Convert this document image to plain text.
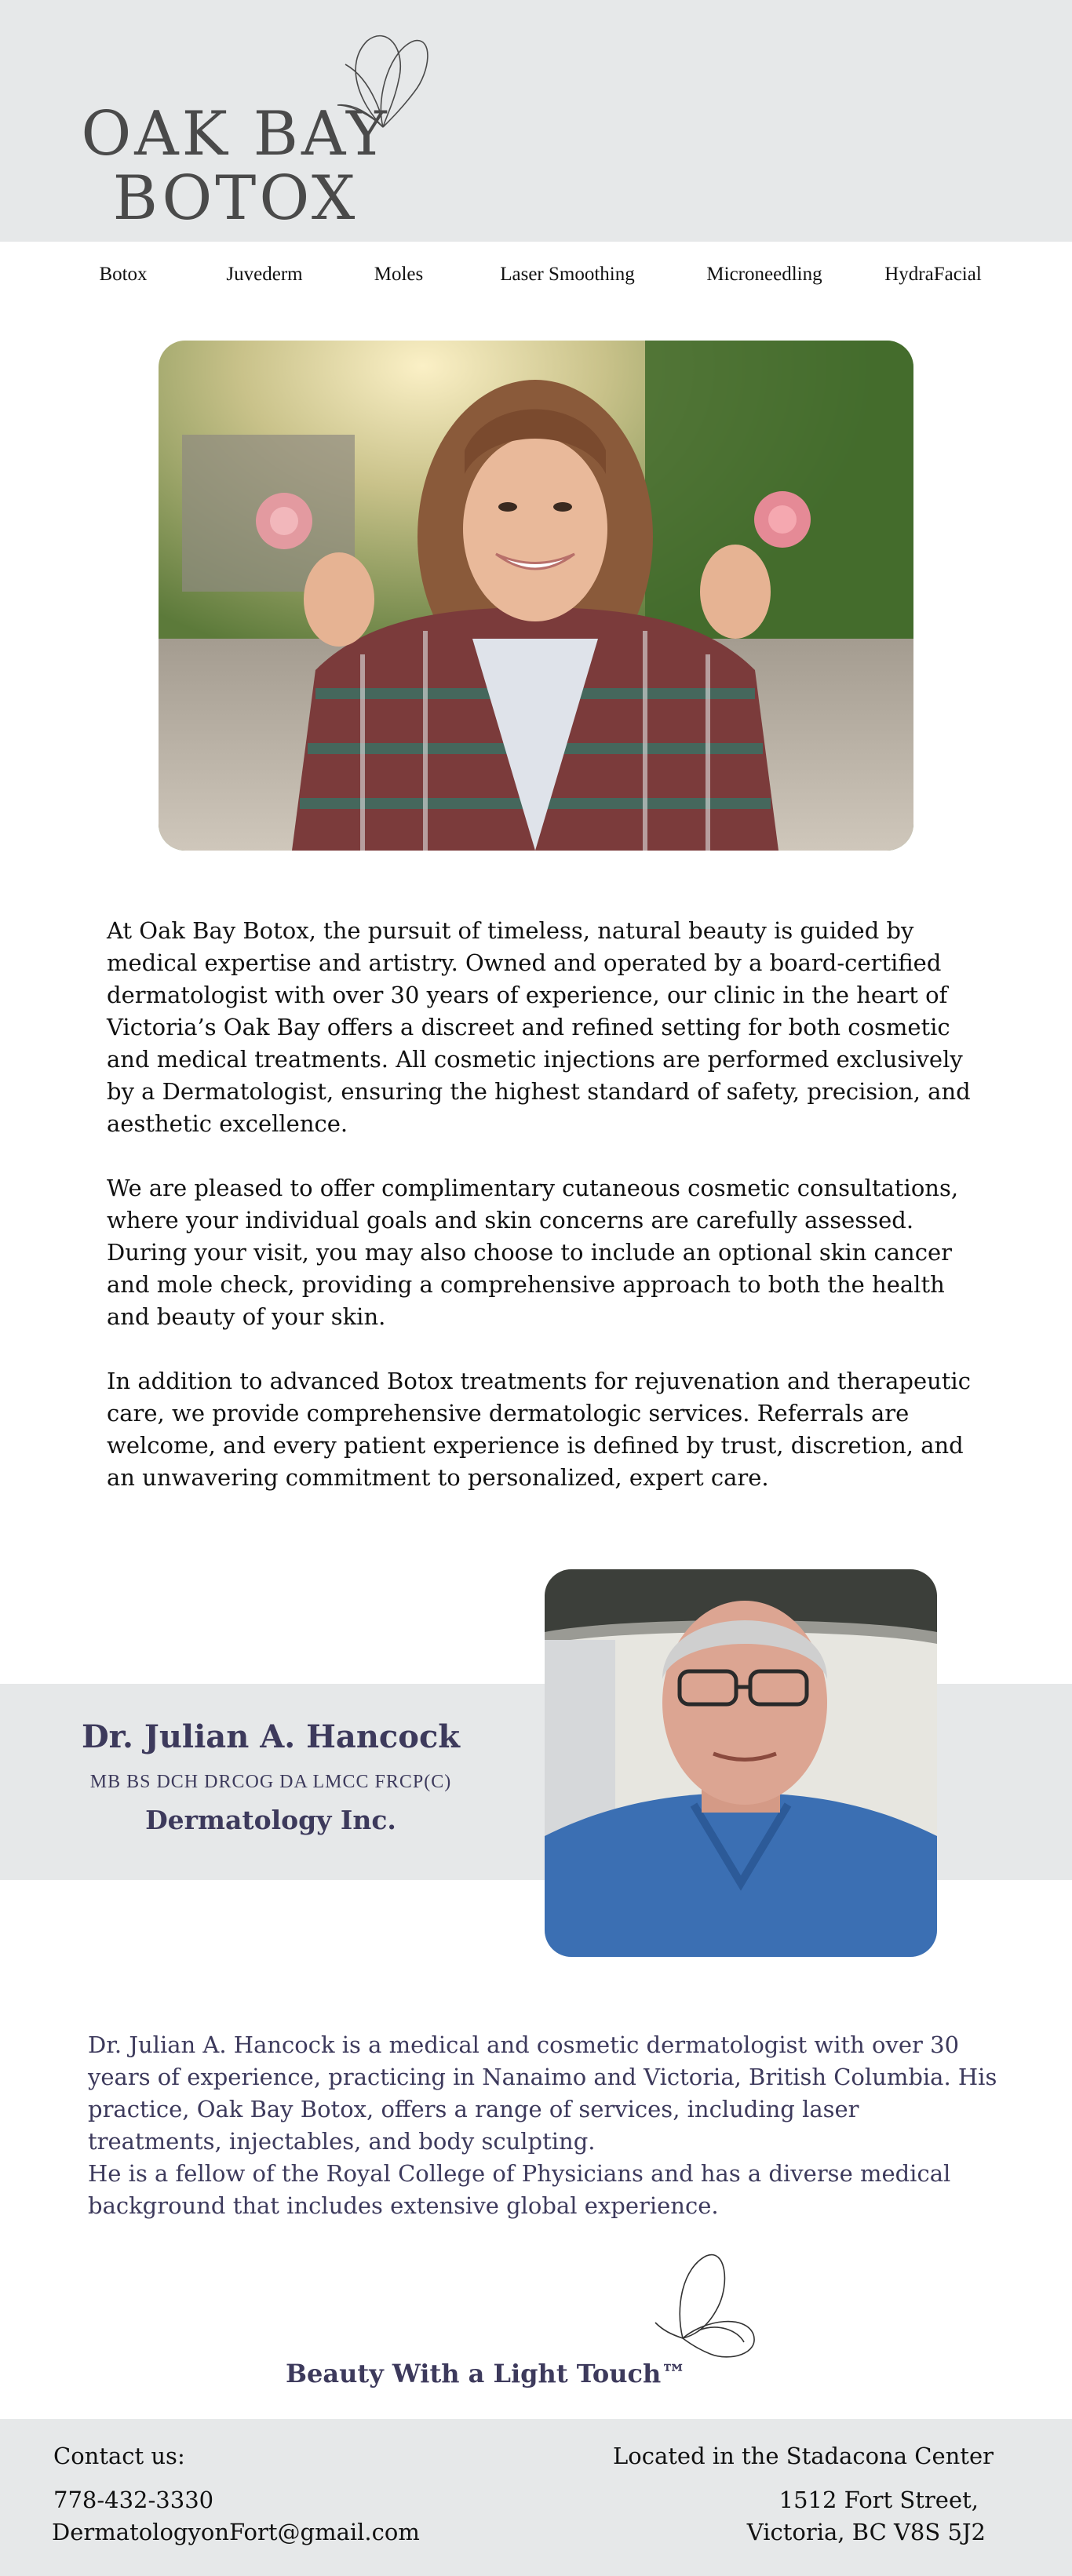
OAK BAY
BOTOX
Botox	Juvederm	Moles	Laser Smoothing	Microneedling	HydraFacial

At Oak Bay Botox, the pursuit of timeless, natural beauty is guided by medical expertise and artistry. Owned and operated by a board-certified dermatologist with over 30 years of experience, our clinic in the heart of Victoria’s Oak Bay offers a discreet and refined setting for both cosmetic and medical treatments. All cosmetic injections are performed exclusively by a Dermatologist, ensuring the highest standard of safety, precision, and aesthetic excellence.

We are pleased to offer complimentary cutaneous cosmetic consultations, where your individual goals and skin concerns are carefully assessed. During your visit, you may also choose to include an optional skin cancer and mole check, providing a comprehensive approach to both the health and beauty of your skin.

In addition to advanced Botox treatments for rejuvenation and therapeutic care, we provide comprehensive dermatologic services. Referrals are welcome, and every patient experience is defined by trust, discretion, and an unwavering commitment to personalized, expert care.

Dr. Julian A. Hancock
MB BS DCH DRCOG DA LMCC FRCP(C)
Dermatology Inc.
Dr. Julian A. Hancock is a medical and cosmetic dermatologist with over 30 years of experience, practicing in Nanaimo and Victoria, British Columbia. His practice, Oak Bay Botox, offers a range of services, including laser treatments, injectables, and body sculpting.
He is a fellow of the Royal College of Physicians and has a diverse medical background that includes extensive global experience.
Beauty With a Light Touch™
Contact us:
778-432-3330
DermatologyonFort@gmail.com
Located in the Stadacona Center
1512 Fort Street,
Victoria, BC V8S 5J2
